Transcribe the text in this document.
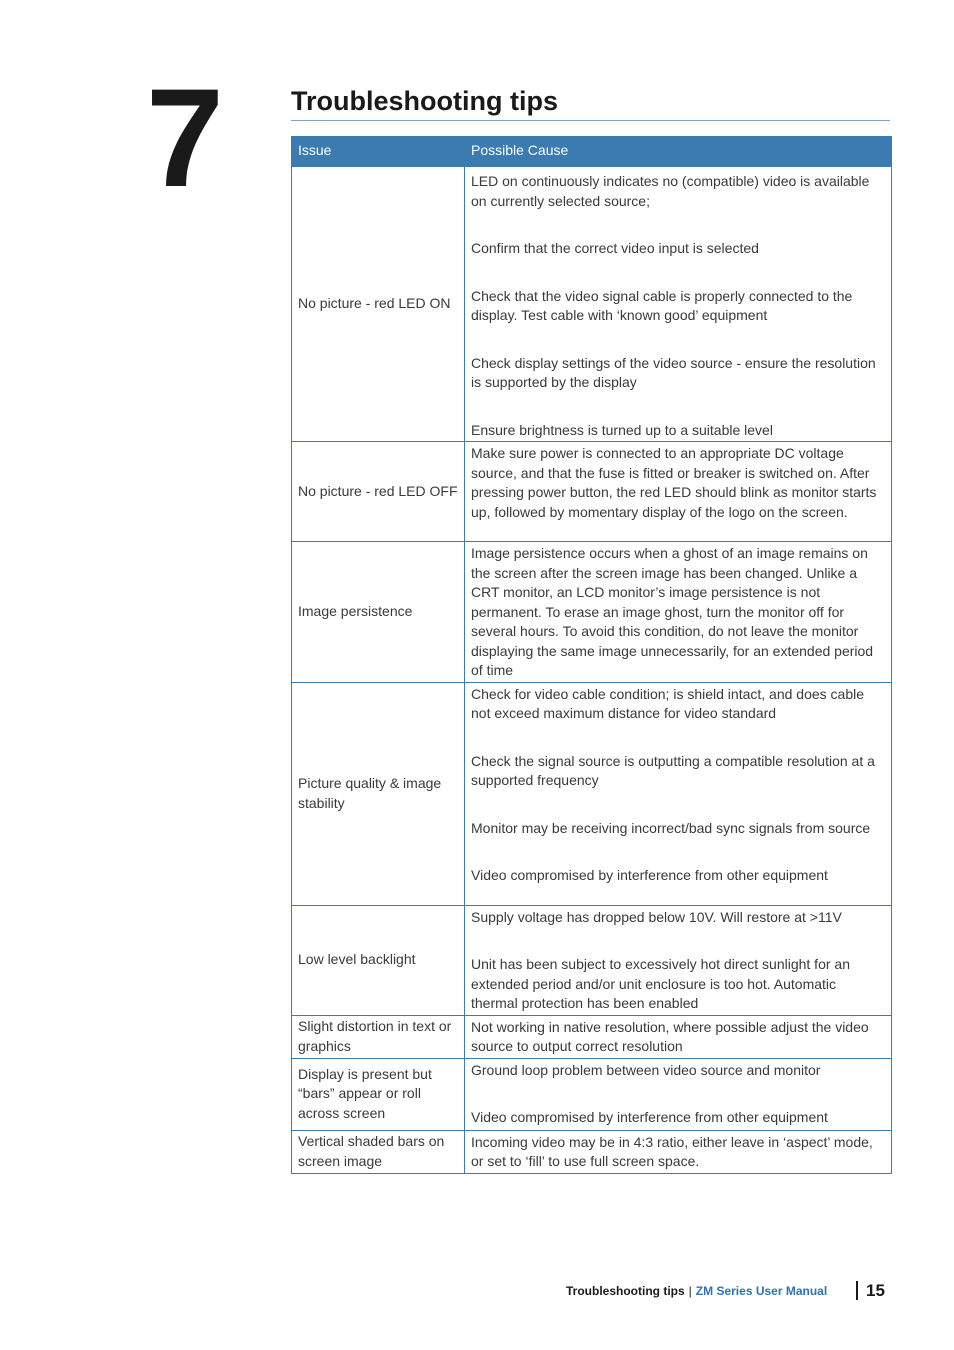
7	Troubleshooting tips
Issue	Possible Cause
No picture - red LED ON	LED on continuously indicates no (compatible) video is available on currently selected source;

Confirm that the correct video input is selected

Check that the video signal cable is properly connected to the display. Test cable with ‘known good’ equipment

Check display settings of the video source - ensure the resolution is supported by the display

Ensure brightness is turned up to a suitable level

No picture - red LED OFF	Make sure power is connected to an appropriate DC voltage source, and that the fuse is fitted or breaker is switched on. After pressing power button, the red LED should blink as monitor starts up, followed by momentary display of the logo on the screen.

Image persistence	Image persistence occurs when a ghost of an image remains on the screen after the screen image has been changed. Unlike a CRT monitor, an LCD monitor’s image persistence is not permanent. To erase an image ghost, turn the monitor off for several hours. To avoid this condition, do not leave the monitor displaying the same image unnecessarily, for an extended period of time

Picture quality & image stability	Check for video cable condition; is shield intact, and does cable not exceed maximum distance for video standard

Check the signal source is outputting a compatible resolution at a supported frequency

Monitor may be receiving incorrect/bad sync signals from source

Video compromised by interference from other equipment

Low level backlight	Supply voltage has dropped below 10V. Will restore at >11V

Unit has been subject to excessively hot direct sunlight for an extended period and/or unit enclosure is too hot. Automatic thermal protection has been enabled

Slight distortion in text or graphics	Not working in native resolution, where possible adjust the video source to output correct resolution

Display is present but “bars” appear or roll across screen	Ground loop problem between video source and monitor

Video compromised by interference from other equipment

Vertical shaded bars on screen image	Incoming video may be in 4:3 ratio, either leave in ‘aspect’ mode, or set to ‘fill’ to use full screen space.

Troubleshooting tips | ZM Series User Manual 15
